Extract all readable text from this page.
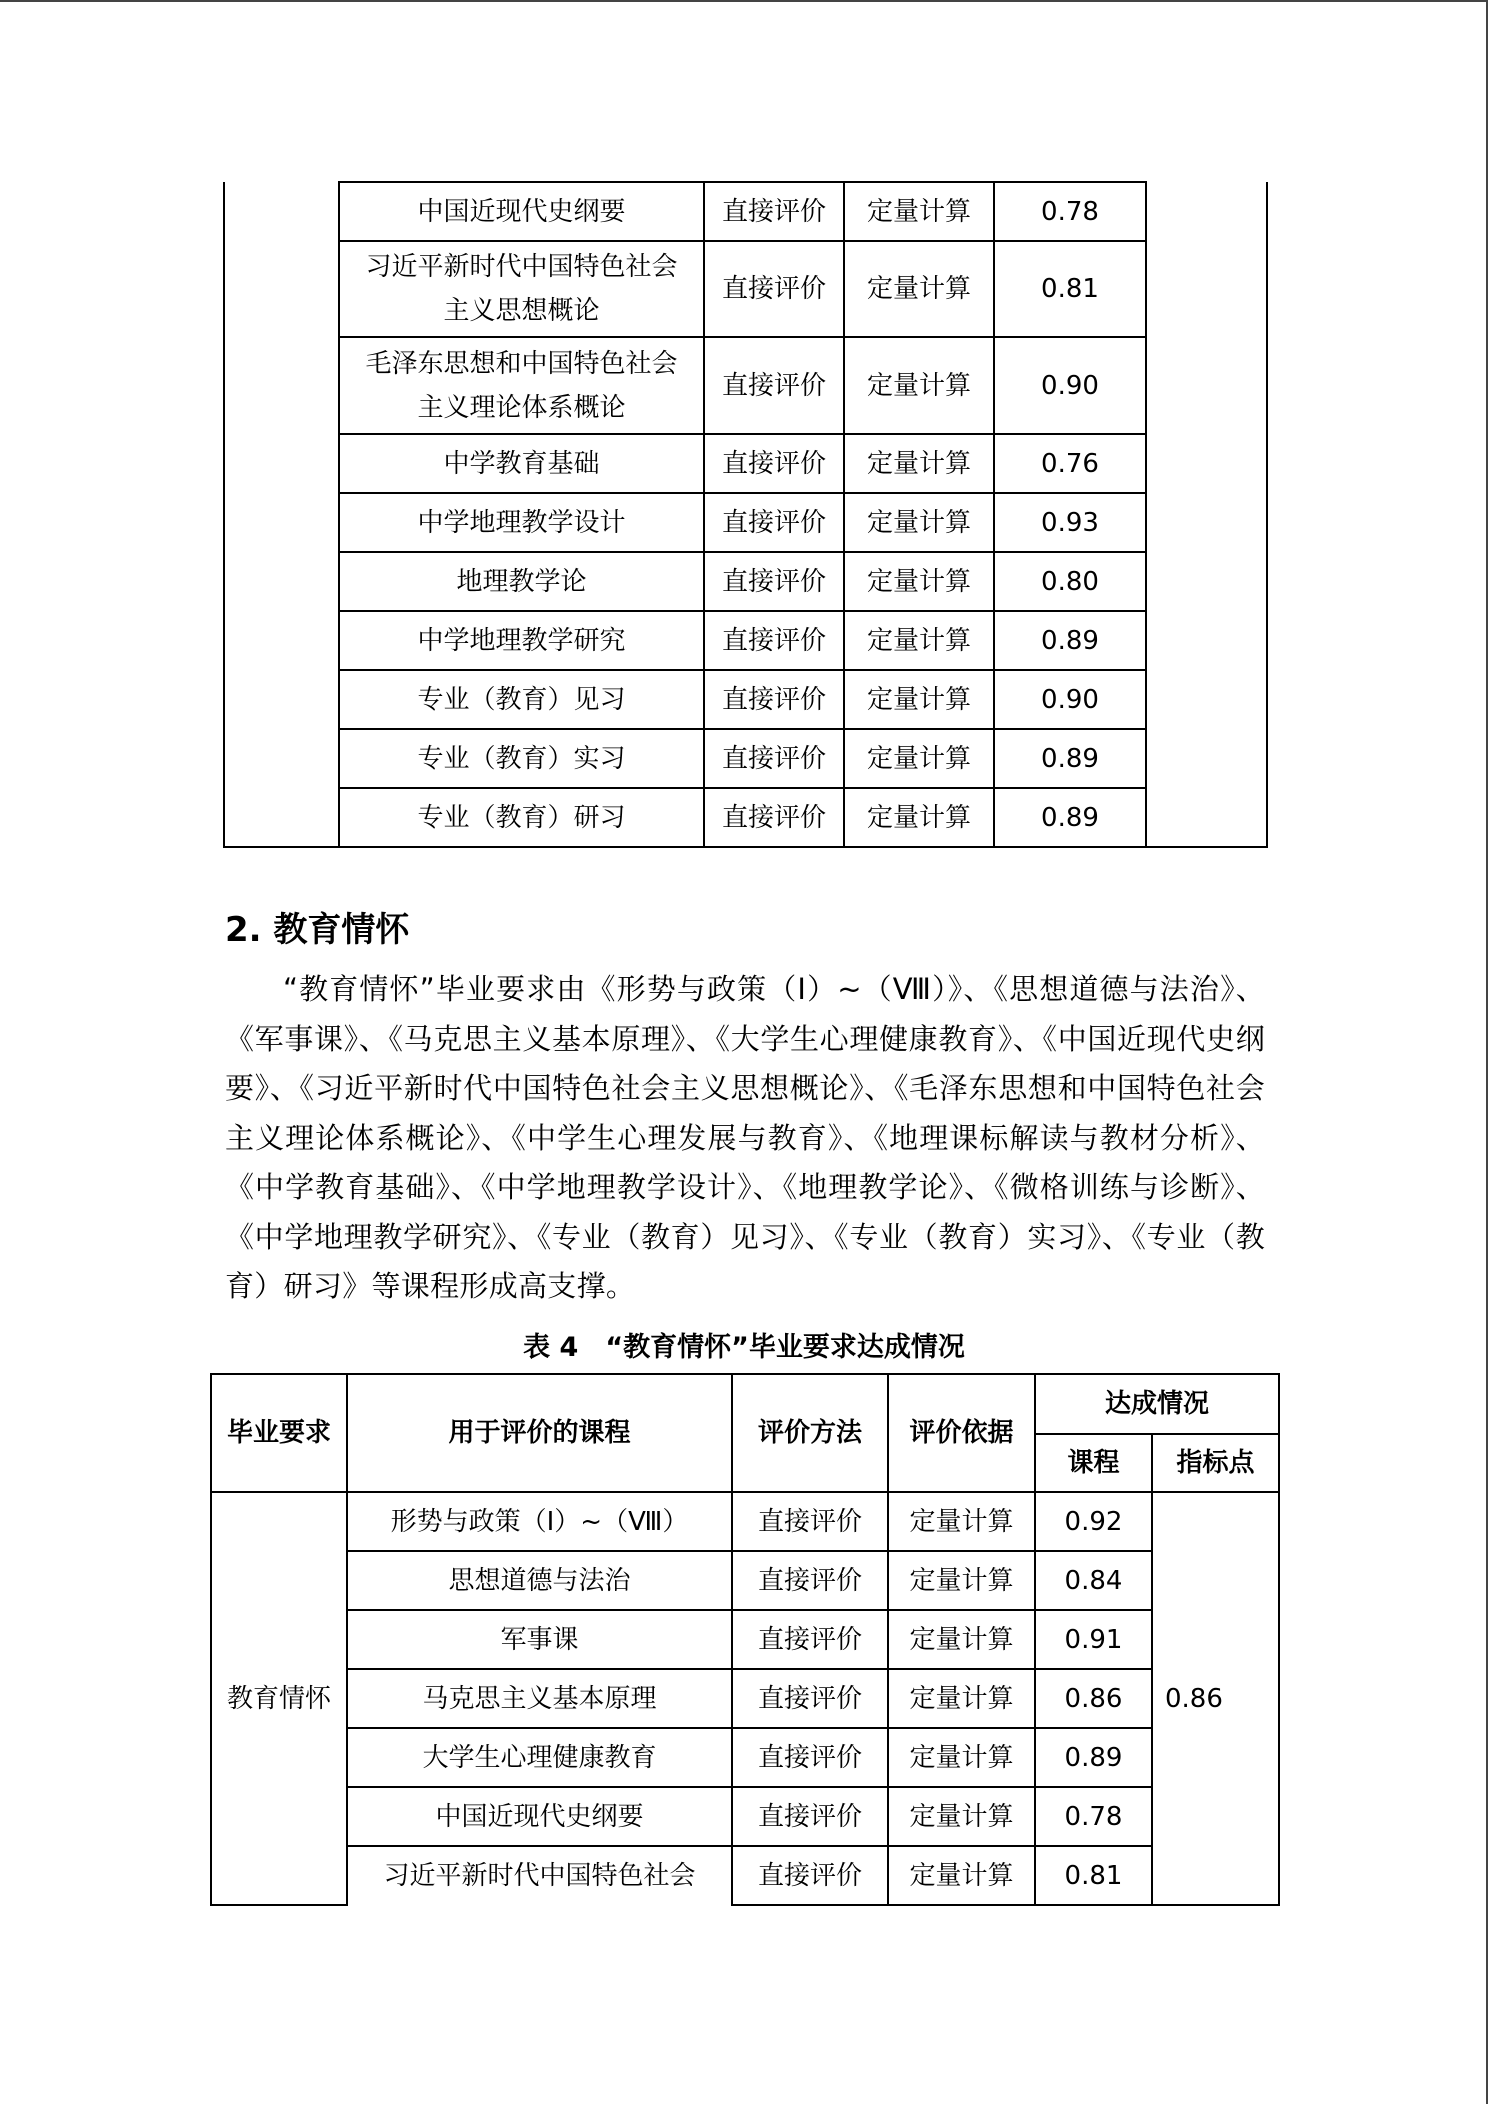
	中国近现代史纲要	直接评价	定量计算	0.78	

	习近平新时代中国特色社会
主义思想概论	直接评价	定量计算	0.81	

	毛泽东思想和中国特色社会
主义理论体系概论	直接评价	定量计算	0.90	
	中学教育基础	直接评价	定量计算	0.76	
	中学地理教学设计	直接评价	定量计算	0.93	
	地理教学论	直接评价	定量计算	0.80	
	中学地理教学研究	直接评价	定量计算	0.89	
	专业（教育）见习	直接评价	定量计算	0.90	
	专业（教育）实习	直接评价	定量计算	0.89	
	专业（教育）研习	直接评价	定量计算	0.89	
2. 教育情怀

“教育情怀”毕业要求由《形势与政策（Ⅰ）~（Ⅷ）》、《思想道德与法治》、《军事课》、《马克思主义基本原理》、《大学生心理健康教育》、《中国近现代史纲要》、《习近平新时代中国特色社会主义思想概论》、《毛泽东思想和中国特色社会主义理论体系概论》、《中学生心理发展与教育》、《地理课标解读与教材分析》、《中学教育基础》、《中学地理教学设计》、《地理教学论》、《微格训练与诊断》、《中学地理教学研究》、《专业（教育）见习》、《专业（教育）实习》、《专业（教育）研习》等课程形成高支撑。

表 4　“教育情怀”毕业要求达成情况

毕业要求	用于评价的课程	评价方法	评价依据	达成情况	
				课程	指标点
教育情怀	形势与政策（Ⅰ）~（Ⅷ）	直接评价	定量计算	0.92	0.86
	思想道德与法治	直接评价	定量计算	0.84	
	军事课	直接评价	定量计算	0.91	
	马克思主义基本原理	直接评价	定量计算	0.86	
	大学生心理健康教育	直接评价	定量计算	0.89	
	中国近现代史纲要	直接评价	定量计算	0.78	
	习近平新时代中国特色社会	直接评价	定量计算	0.81	
